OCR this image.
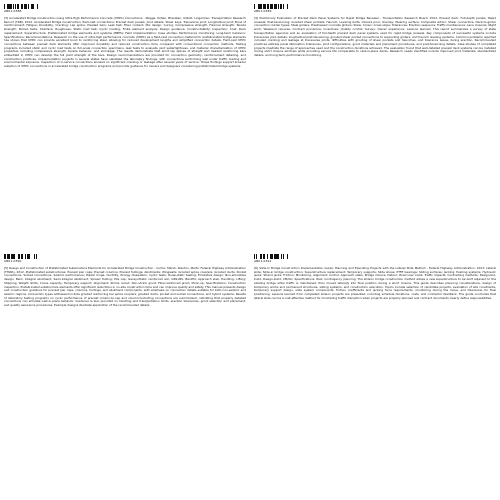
AB01-0388
[3] Accelerated Bridge Construction using Ultra-High Performance Concrete (UHPC) Connections - Wegge, Kotian, Bharatan, Ozbolt, Lingerman. Transportation Research Record (TRB), 2014. Accelerated Bridge Construction; field-cast connections; Precast deck panels; Joint details; Shear keys; Transverse joint; Longitudinal joint; Bond of reinforcement; Fatigue; Durability; Cracking; Lap splice; Headed bars; Leak test; Fiber content; Mix design; Curing; Compressive strength; Flexural strength; Tensile strength; Pullout tests; Interface; Roughness; Static load test; Cyclic loading; Finite element analysis; Design guidance; Constructability; Inspection; Cost; Deck replacement; Superstructure; Prefabricated bridge elements and systems (PBES); Field implementation; Case studies; Performance monitoring; Long-term behavior; Specifications; Recommendations. Research on the use of ultra-high performance concrete (UHPC) as a field-cast connection material for prefabricated bridge elements has shown that UHPC can provide excellent bond to reinforcing steel, allowing for reduced development lengths and simplified connection details. Field-cast UHPC connections between precast deck elements offer improved durability and reduced construction time compared with conventional connection methods. Testing programs included static and cyclic load tests on full-scale connection specimens, leak tests to evaluate joint watertightness, and material characterization of UHPC properties including compressive strength, tensile behavior, and shrinkage. The results demonstrate that short lap splices of straight and headed reinforcing bars embedded in UHPC can develop the full yield strength of the bars. Design recommendations are provided for connection geometry, reinforcement detailing, and construction practices. Implementation projects in several states have validated the laboratory findings, with connections performing well under traffic loading and environmental exposure. Inspection of in-service connections showed no significant cracking or leakage after several years of service. These findings support broader adoption of UHPC connections in accelerated bridge construction programs and provide guidance for owners and designers considering prefabricated bridge systems.
AB01-0389
[4] Preliminary Evaluation of Precast Deck Panel Systems for Rapid Bridge Renewal - Transportation Research Board, 2013. Precast deck; Full-depth panels; Rapid renewal; Post-tensioning; Grouted shear pockets; Haunch; Leveling bolts; Closure pour; Overlay; Wearing surface; Composite action; Shear connectors; Deck-to-girder connection; Girder types; Steel girders; Prestressed concrete girders; Skew; Crown; Cross slope; Tolerances; Erection sequence; Traffic maintenance; Lane closures; Night work; Weekend closures; Contract provisions; Incentives; Quality control; Survey; Owner experience; Lessons learned. This report summarizes a survey of state transportation agencies and an evaluation of full-depth precast deck panel systems used for rapid bridge renewal. Key components of successful systems include transverse joint details, longitudinal post-tensioning, grouted shear pocket connections to supporting girders, and haunch leveling systems. Common problems reported included cracking and leakage at transverse joints, difficulties with grouting of shear pockets and haunches, and tolerance issues during erection. Recommended practices address panel fabrication tolerances, joint configurations, grout materials and placement procedures, and post-tensioning details. Case studies of completed projects illustrate the range of approaches used and the construction durations achieved. The evaluation found that well-detailed precast deck systems can be installed during short closure windows while providing service life comparable to cast-in-place decks. Research needs identified include improved joint materials, standardized details, and long-term performance monitoring.
AB01-0390
[5] Design and Construction of Prefabricated Substructure Elements for Accelerated Bridge Construction - Culmo, Marsh, Stanton, Mertz. Federal Highway Administration (FHWA), 2012. Prefabricated substructures; Precast pier caps; Precast columns; Precast footings; Abutments; Wingwalls; Grouted splice couplers; Grouted ducts; Pocket connections; Socket connections; Seismic performance; Plastic hinge; Ductility; Energy dissipation; Cyclic tests; Quasi-static testing; Emulative design; Non-emulative design; Bent; Integral abutment; Semi-integral abutment; Spread footing; Pile cap; Geosynthetic reinforced soil; GRS-IBS; Backfill; Approach slab; Handling; Lifting; Shipping; Weight limits; Crane capacity; Temporary support; Alignment; Shims; Grout; Non-shrink grout; Fiber-reinforced grout; Mock-up; Specifications; Construction inspection. Prefabricated substructure elements offer significant reductions in on-site construction time and can improve quality and safety. This manual presents design and construction guidance for precast pier caps, columns, footings, and abutment components, with emphasis on connection details suitable for both non-seismic and seismic regions. Connection types addressed include grouted reinforcing bar splice couplers, grouted ducts, pocket and socket connections, and hybrid systems. Results of laboratory testing programs on cyclic performance of precast column-to-cap and column-to-footing connections are summarized, indicating that properly detailed connections can emulate cast-in-place behavior. Guidance is also provided on handling and transportation limits, erection tolerances, grout selection and placement, and quality assurance procedures. Example designs illustrate application of the recommended details.
AB01-0391
[6] Slide-In Bridge Construction Implementation Guide: Planning and Executing Projects with the Lateral Slide Method - Federal Highway Administration, 2013. Lateral slide; Slide-in bridge construction; Superstructure replacement; Temporary supports; Slide shoes; PTFE bearings; Sliding surfaces; Jacking; Pushing systems; Hydraulic jacks; Strand jacks; Friction; Monitoring; Alignment control; Approach slabs; Bridge closure; Detour; Road user costs; Traffic impacts; Contracting methods; Design-bid-build; Design-build; CM/GC; Specifications; Risk; Contingency planning. The slide-in bridge construction method allows a new superstructure to be built adjacent to the existing bridge while traffic is maintained, then moved laterally into final position during a short closure. This guide describes planning considerations, design of temporary works and permanent structures, sliding systems, and construction execution. Topics include selection of candidate projects, evaluation of site constraints, temporary support design, slide system components, friction coefficients and jacking force requirements, monitoring during the move, and tolerances for final positioning. Lessons learned from completed slide-in projects are presented, including schedule durations, costs, and contractor feedback. The guide concludes that lateral slide can be a cost-effective method for minimizing traffic disruption when projects are properly planned and contract documents clearly define responsibilities.
